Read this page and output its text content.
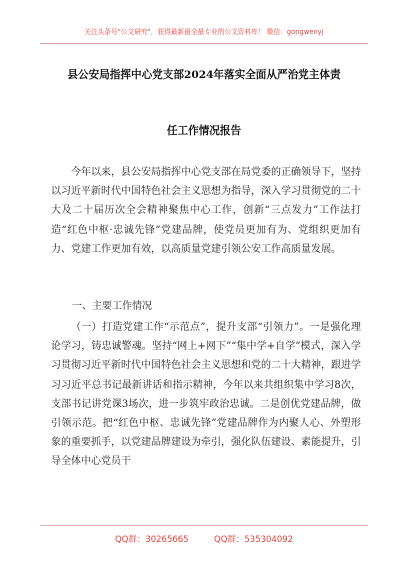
关注头条号"公文研究"，获得最新最全最专业的公文资料库！ 微信：gongwenyj
县公安局指挥中心党支部2024年落实全面从严治党主体责
任工作情况报告

今年以来，县公安局指挥中心党支部在局党委的正确领导下，坚持以习近平新时代中国特色社会主义思想为指导，深入学习贯彻党的二十大及二十届历次全会精神聚焦中心工作，创新“三点发力”工作法打造“红色中枢·忠诚先锋”党建品牌，使党员更加有为、党组织更加有力、党建工作更加有效，以高质量党建引领公安工作高质量发展。

一、主要工作情况

（一）打造党建工作“示范点”，提升支部“引领力”。一是强化理论学习，铸忠诚警魂。坚持“网上+网下”“集中学+自学”模式，深入学习贯彻习近平新时代中国特色社会主义思想和党的二十大精神，跟进学习习近平总书记最新讲话和指示精神，今年以来共组织集中学习8次，支部书记讲党课3场次，进一步筑牢政治忠诚。二是创优党建品牌，做引领示范。把“红色中枢、忠诚先锋”党建品牌作为内聚人心、外塑形象的重要抓手，以党建品牌建设为牵引，强化队伍建设、素能提升，引导全体中心党员干

QQ群：30265665	QQ群：535304092
